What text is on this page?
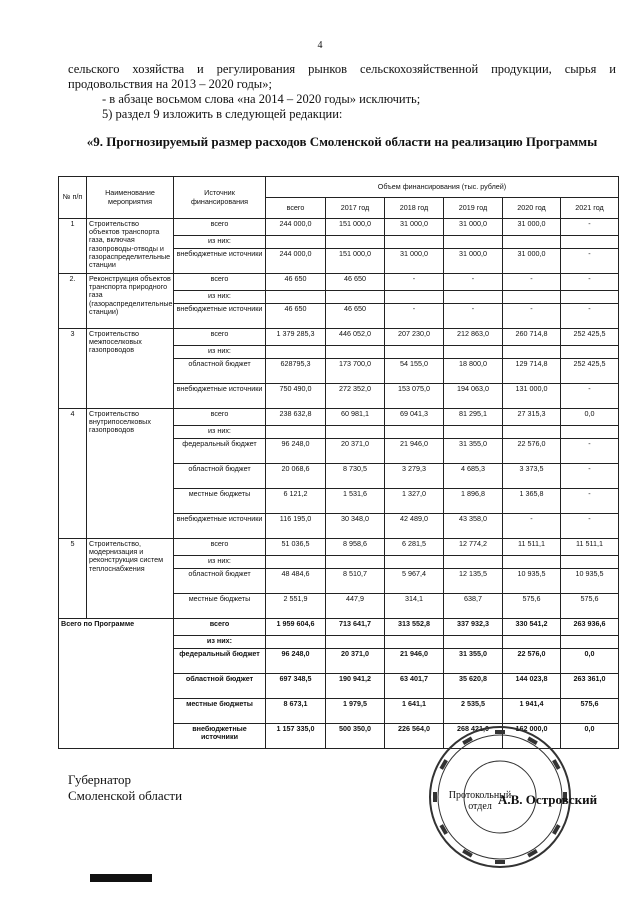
4
сельского хозяйства и регулирования рынков сельскохозяйственной продукции, сырья и продовольствия на 2013 – 2020 годы»;
- в абзаце восьмом слова «на 2014 – 2020 годы» исключить;
5) раздел 9 изложить в следующей редакции:
«9. Прогнозируемый размер расходов Смоленской области на реализацию Программы
№ п/п	Наименование мероприятия	Источник финансирования	Объем финансирования (тыс. рублей)					
			всего	2017 год	2018 год	2019 год	2020 год	2021 год
1	Строительство объектов транспорта газа, включая газопроводы-отводы и газораспределительные станции	всего	244 000,0	151 000,0	31 000,0	31 000,0	31 000,0	-
		из них:						
		внебюджетные источники	244 000,0	151 000,0	31 000,0	31 000,0	31 000,0	-
2.	Реконструкция объектов транспорта природного газа (газораспределительные станции)	всего	46 650	46 650	-	-	-	-
		из них:						
		внебюджетные источники	46 650	46 650	-	-	-	-
3	Строительство межпоселковых газопроводов	всего	1 379 285,3	446 052,0	207 230,0	212 863,0	260 714,8	252 425,5
		из них:						
		областной бюджет	628795,3	173 700,0	54 155,0	18 800,0	129 714,8	252 425,5
		внебюджетные источники	750 490,0	272 352,0	153 075,0	194 063,0	131 000,0	-
4	Строительство внутрипоселковых газопроводов	всего	238 632,8	60 981,1	69 041,3	81 295,1	27 315,3	0,0
		из них:						
		федеральный бюджет	96 248,0	20 371,0	21 946,0	31 355,0	22 576,0	-
		областной бюджет	20 068,6	8 730,5	3 279,3	4 685,3	3 373,5	-
		местные бюджеты	6 121,2	1 531,6	1 327,0	1 896,8	1 365,8	-
		внебюджетные источники	116 195,0	30 348,0	42 489,0	43 358,0	-	-
5	Строительство, модернизация и реконструкция систем теплоснабжения	всего	51 036,5	8 958,6	6 281,5	12 774,2	11 511,1	11 511,1
		из них:						
		областной бюджет	48 484,6	8 510,7	5 967,4	12 135,5	10 935,5	10 935,5
		местные бюджеты	2 551,9	447,9	314,1	638,7	575,6	575,6
Всего по Программе		всего	1 959 604,6	713 641,7	313 552,8	337 932,3	330 541,2	263 936,6
		из них:						
		федеральный бюджет	96 248,0	20 371,0	21 946,0	31 355,0	22 576,0	0,0
		областной бюджет	697 348,5	190 941,2	63 401,7	35 620,8	144 023,8	263 361,0
		местные бюджеты	8 673,1	1 979,5	1 641,1	2 535,5	1 941,4	575,6
		внебюджетные источники	1 157 335,0	500 350,0	226 564,0	268 421,0	162 000,0	0,0
Губернатор
Смоленской области	Протокольный
отдел А.В. Островский
